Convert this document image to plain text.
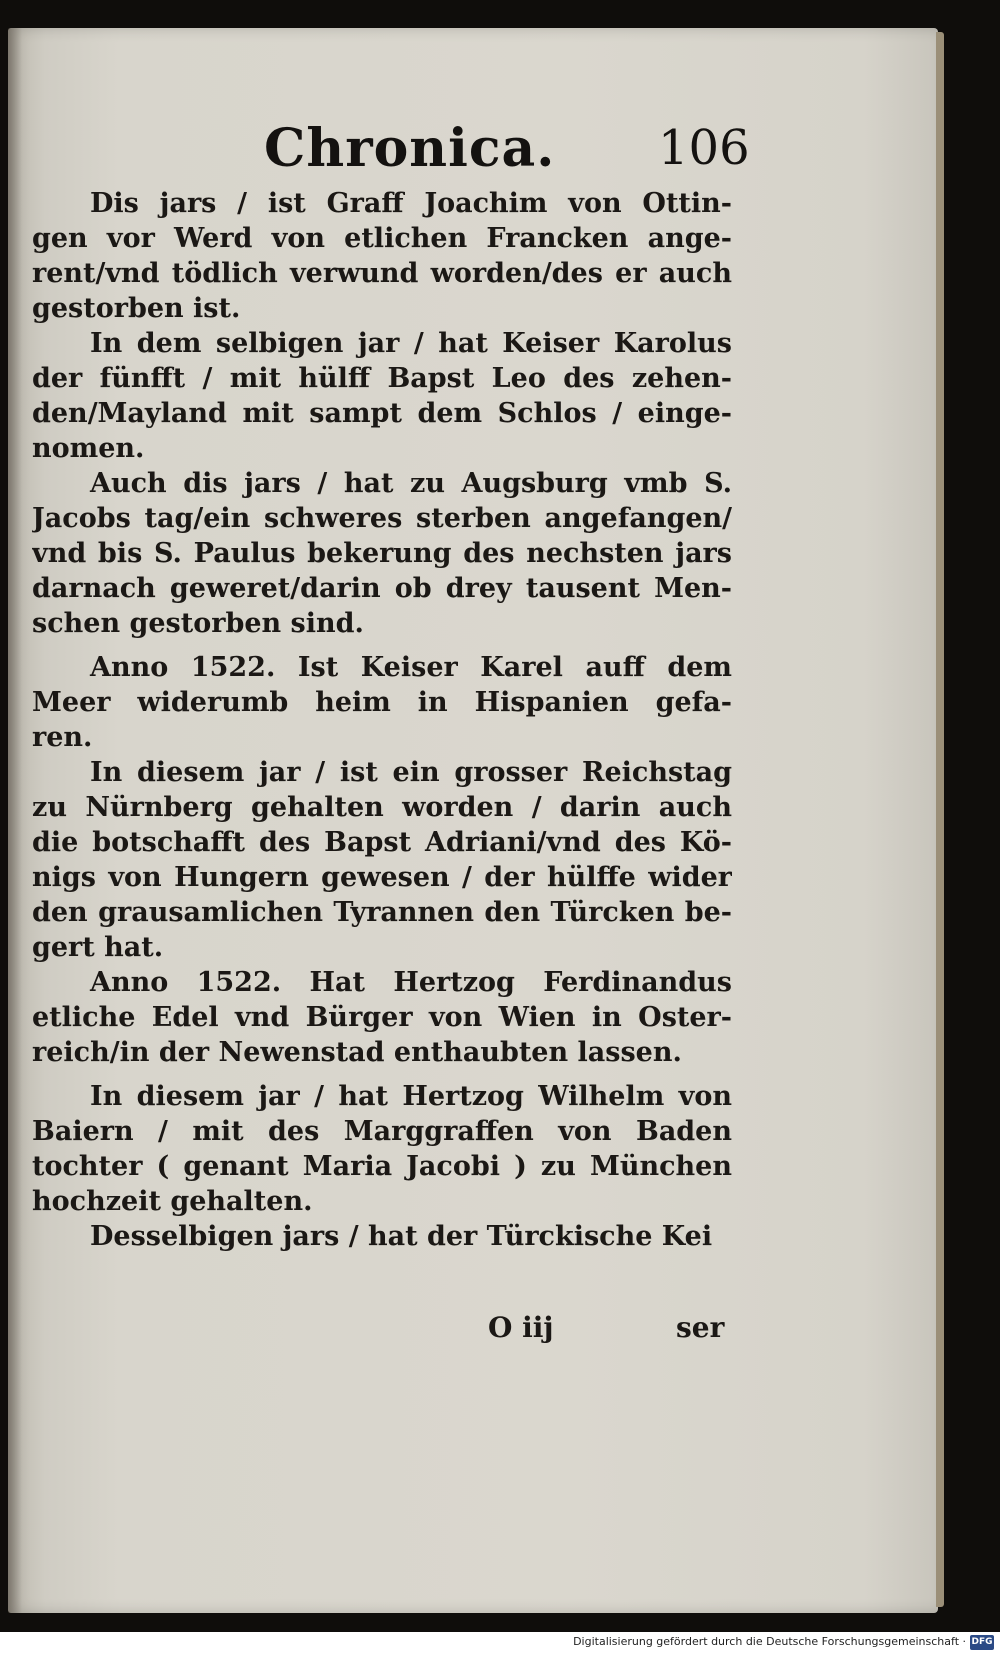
Chronica. 106
Dis jars / ist Graff Joachim von Ottin-
gen vor Werd von etlichen Francken ange-
rent/vnd tödlich verwund worden/des er auch
gestorben ist.
In dem selbigen jar / hat Keiser Karolus
der fünfft / mit hülff Bapst Leo des zehen-
den/Mayland mit sampt dem Schlos / einge-
nomen.
Auch dis jars / hat zu Augsburg vmb S.
Jacobs tag/ein schweres sterben angefangen/
vnd bis S. Paulus bekerung des nechsten jars
darnach geweret/darin ob drey tausent Men-
schen gestorben sind.
Anno 1522. Ist Keiser Karel auff dem
Meer widerumb heim in Hispanien gefa-
ren.
In diesem jar / ist ein grosser Reichstag
zu Nürnberg gehalten worden / darin auch
die botschafft des Bapst Adriani/vnd des Kö-
nigs von Hungern gewesen / der hülffe wider
den grausamlichen Tyrannen den Türcken be-
gert hat.
Anno 1522. Hat Hertzog Ferdinandus
etliche Edel vnd Bürger von Wien in Oster-
reich/in der Newenstad enthaubten lassen.
In diesem jar / hat Hertzog Wilhelm von
Baiern / mit des Marggraffen von Baden
tochter ( genant Maria Jacobi ) zu München
hochzeit gehalten.
Desselbigen jars / hat der Türckische Kei
O iij	ser
Digitalisierung gefördert durch die Deutsche Forschungsgemeinschaft · DFG
